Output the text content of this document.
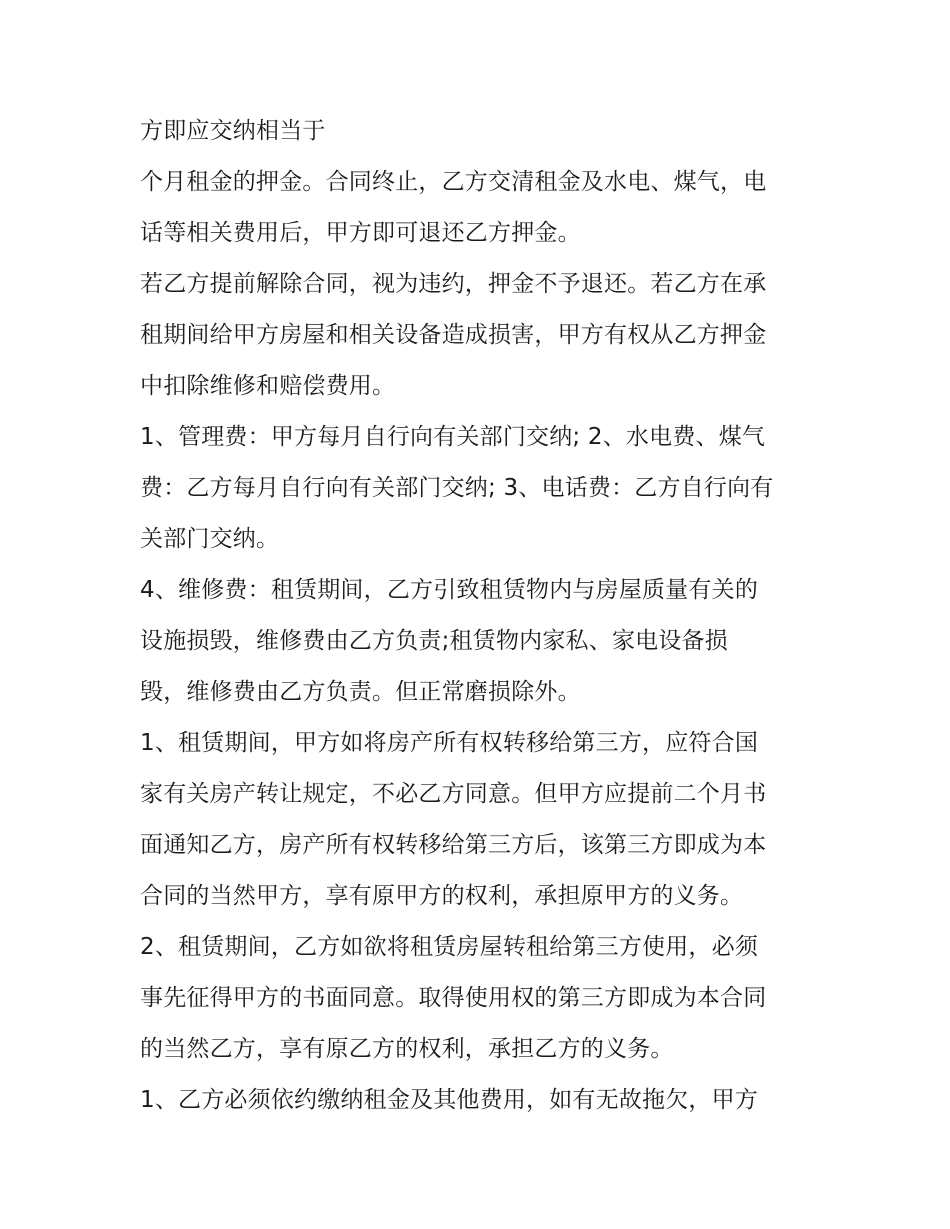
方即应交纳相当于

个月租金的押金。合同终止，乙方交清租金及水电、煤气，电

话等相关费用后，甲方即可退还乙方押金。

若乙方提前解除合同，视为违约，押金不予退还。若乙方在承

租期间给甲方房屋和相关设备造成损害，甲方有权从乙方押金

中扣除维修和赔偿费用。

1、管理费：甲方每月自行向有关部门交纳; 2、水电费、煤气

费：乙方每月自行向有关部门交纳; 3、电话费：乙方自行向有

关部门交纳。

4、维修费：租赁期间，乙方引致租赁物内与房屋质量有关的

设施损毁，维修费由乙方负责;租赁物内家私、家电设备损

毁，维修费由乙方负责。但正常磨损除外。

1、租赁期间，甲方如将房产所有权转移给第三方，应符合国

家有关房产转让规定，不必乙方同意。但甲方应提前二个月书

面通知乙方，房产所有权转移给第三方后，该第三方即成为本

合同的当然甲方，享有原甲方的权利，承担原甲方的义务。

2、租赁期间，乙方如欲将租赁房屋转租给第三方使用，必须

事先征得甲方的书面同意。取得使用权的第三方即成为本合同

的当然乙方，享有原乙方的权利，承担乙方的义务。

1、乙方必须依约缴纳租金及其他费用，如有无故拖欠，甲方
